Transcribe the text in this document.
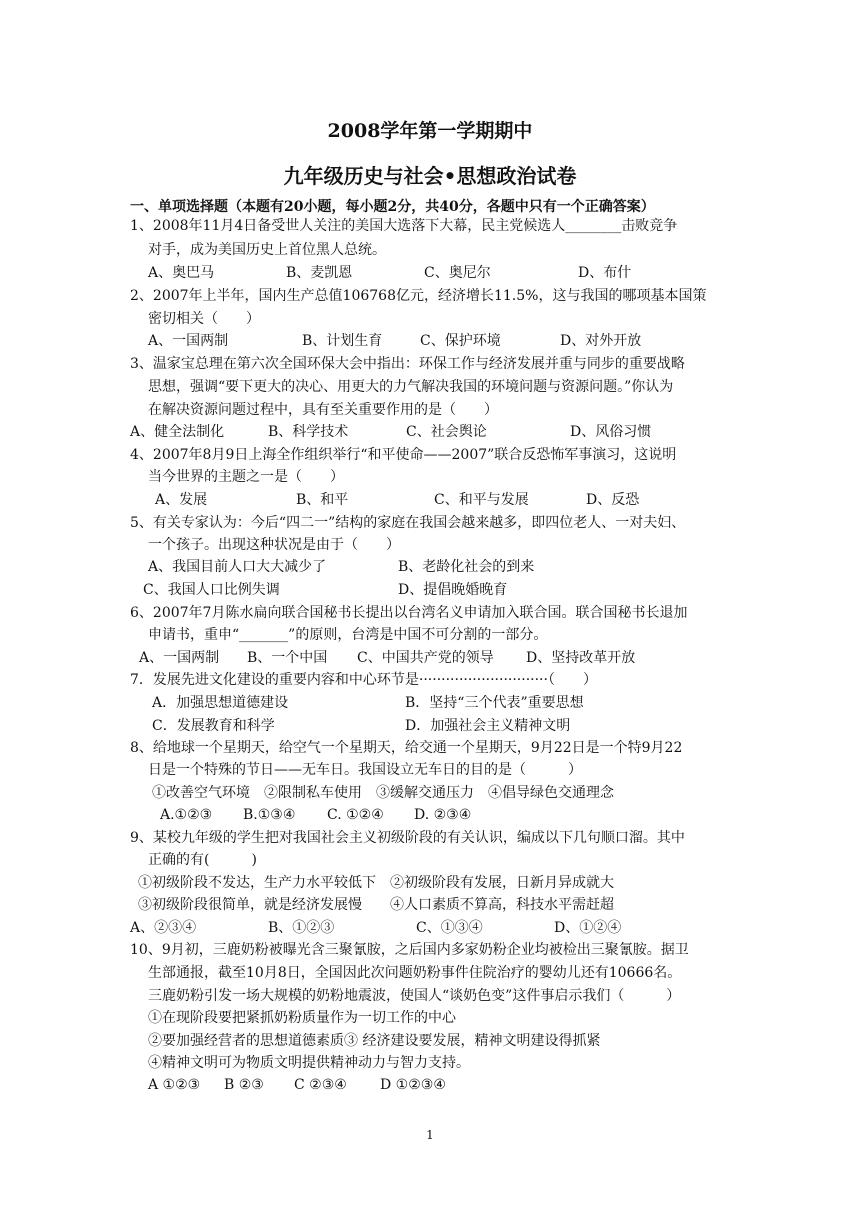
2008学年第一学期期中
九年级历史与社会•思想政治试卷
一、单项选择题（本题有20小题，每小题2分，共40分，各题中只有一个正确答案）
1、2008年11月4日备受世人关注的美国大选落下大幕，民主党候选人________击败竞争
对手，成为美国历史上首位黑人总统。
A、奥巴马	B、麦凯恩	C、奥尼尔	D、布什
2、2007年上半年，国内生产总值106768亿元，经济增长11.5%，这与我国的哪项基本国策
密切相关（　　）
A、一国两制	B、计划生育	C、保护环境	D、对外开放
3、温家宝总理在第六次全国环保大会中指出：环保工作与经济发展并重与同步的重要战略
思想，强调“要下更大的决心、用更大的力气解决我国的环境问题与资源问题。”你认为
在解决资源问题过程中，具有至关重要作用的是（　　）
A、健全法制化	B、科学技术	C、社会舆论	D、风俗习惯
4、2007年8月9日上海全作组织举行“和平使命——2007”联合反恐怖军事演习，这说明
当今世界的主题之一是（　　）
A、发展	B、和平	C、和平与发展	D、反恐
5、有关专家认为：今后“四二一”结构的家庭在我国会越来越多，即四位老人、一对夫妇、
一个孩子。出现这种状况是由于（　　）
A、我国目前人口大大减少了	B、老龄化社会的到来
C、我国人口比例失调	D、提倡晚婚晚育
6、2007年7月陈水扁向联合国秘书长提出以台湾名义申请加入联合国。联合国秘书长退加
申请书，重申“_______”的原则，台湾是中国不可分割的一部分。
A、一国两制 B、一个中国 C、中国共产党的领导 D、坚持改革开放
7．发展先进文化建设的重要内容和中心环节是·····························（　　）
A．加强思想道德建设	B．坚持“三个代表”重要思想
C．发展教育和科学	D．加强社会主义精神文明
8、给地球一个星期天，给空气一个星期天，给交通一个星期天，9月22日是一个特9月22
日是一个特殊的节日——无车日。我国设立无车日的目的是（　　　）
①改善空气环境　②限制私车使用　③缓解交通压力　④倡导绿色交通理念
A.①②③ B.①③④ C. ①②④ D. ②③④
9、某校九年级的学生把对我国社会主义初级阶段的有关认识，编成以下几句顺口溜。其中
正确的有(　　　)
①初级阶段不发达，生产力水平较低下　②初级阶段有发展，日新月异成就大
③初级阶段很简单，就是经济发展慢　　④人口素质不算高，科技水平需赶超
A、②③④	B、①②③	C、①③④	D、①②④
10、9月初，三鹿奶粉被曝光含三聚氰胺，之后国内多家奶粉企业均被检出三聚氰胺。据卫
生部通报，截至10月8日，全国因此次问题奶粉事件住院治疗的婴幼儿还有10666名。
三鹿奶粉引发一场大规模的奶粉地震波，使国人“谈奶色变”这件事启示我们（　　　）
①在现阶段要把紧抓奶粉质量作为一切工作的中心
②要加强经营者的思想道德素质③ 经济建设要发展，精神文明建设得抓紧
④精神文明可为物质文明提供精神动力与智力支持。
A ①②③ B ②③ C ②③④ D ①②③④
1
